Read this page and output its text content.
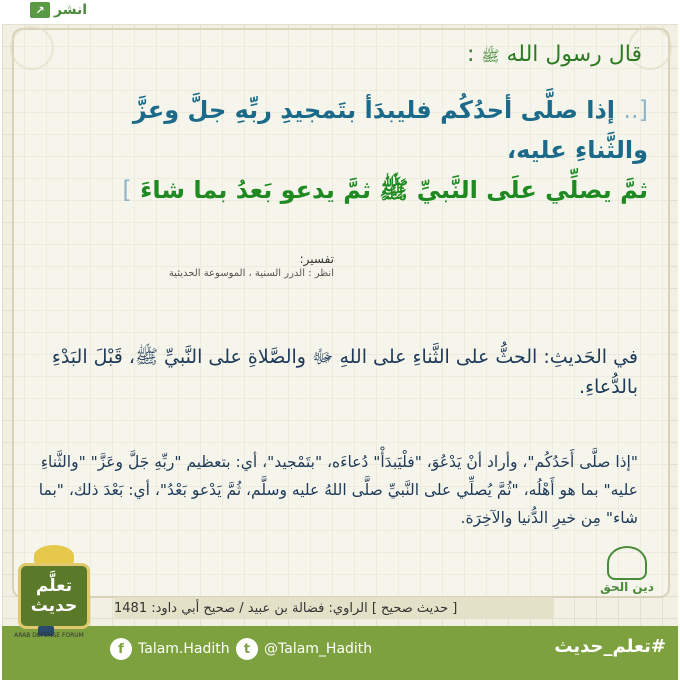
انشر
↗
قال رسول الله ﷺ :
[.. إذا صلَّى أحدُكُم فليبدَأ بتَمجيدِ ربِّهِ جلَّ وعزَّ
والثَّناءِ عليه،
ثمَّ يصلِّي علَى النَّبيِّ ﷺ ثمَّ يدعو بَعدُ بما شاءَ ]
تفسير:
انظر : الدرر السنية ، الموسوعة الحديثية
في الحَديثِ: الحثُّ على الثَّناءِ على اللهِ ﷻ والصَّلاةِ على النَّبيِّ ﷺ، قَبْلَ البَدْءِ بالدُّعاءِ.
"إذا صلَّى أَحَدُكُم"، وأراد أنْ يَدْعُوَ، "فلْيَبدَأْ" دُعاءَه، "بتَمْجيد"، أي: بتعظيم "ربِّهِ جَلَّ وعَزَّ" "والثَّناءِ عليه" بما هو أَهْلُه، "ثُمَّ يُصلِّي على النَّبيِّ صلَّى اللهُ عليه وسلَّم، ثُمَّ يَدْعو بَعْدُ"، أي: بَعْدَ ذلك، "بما شاء" مِن خيرِ الدُّنيا والآخِرَة.
[ حديث صحيح ] الراوي: فضالة بن عبيد / صحيح أبي داود: 1481
دين الحق
f	Talam.Hadith	t @Talam_Hadith	#تعلم_حديث
تعلَّم
حديث
ARAB DEFENSE FORUM
